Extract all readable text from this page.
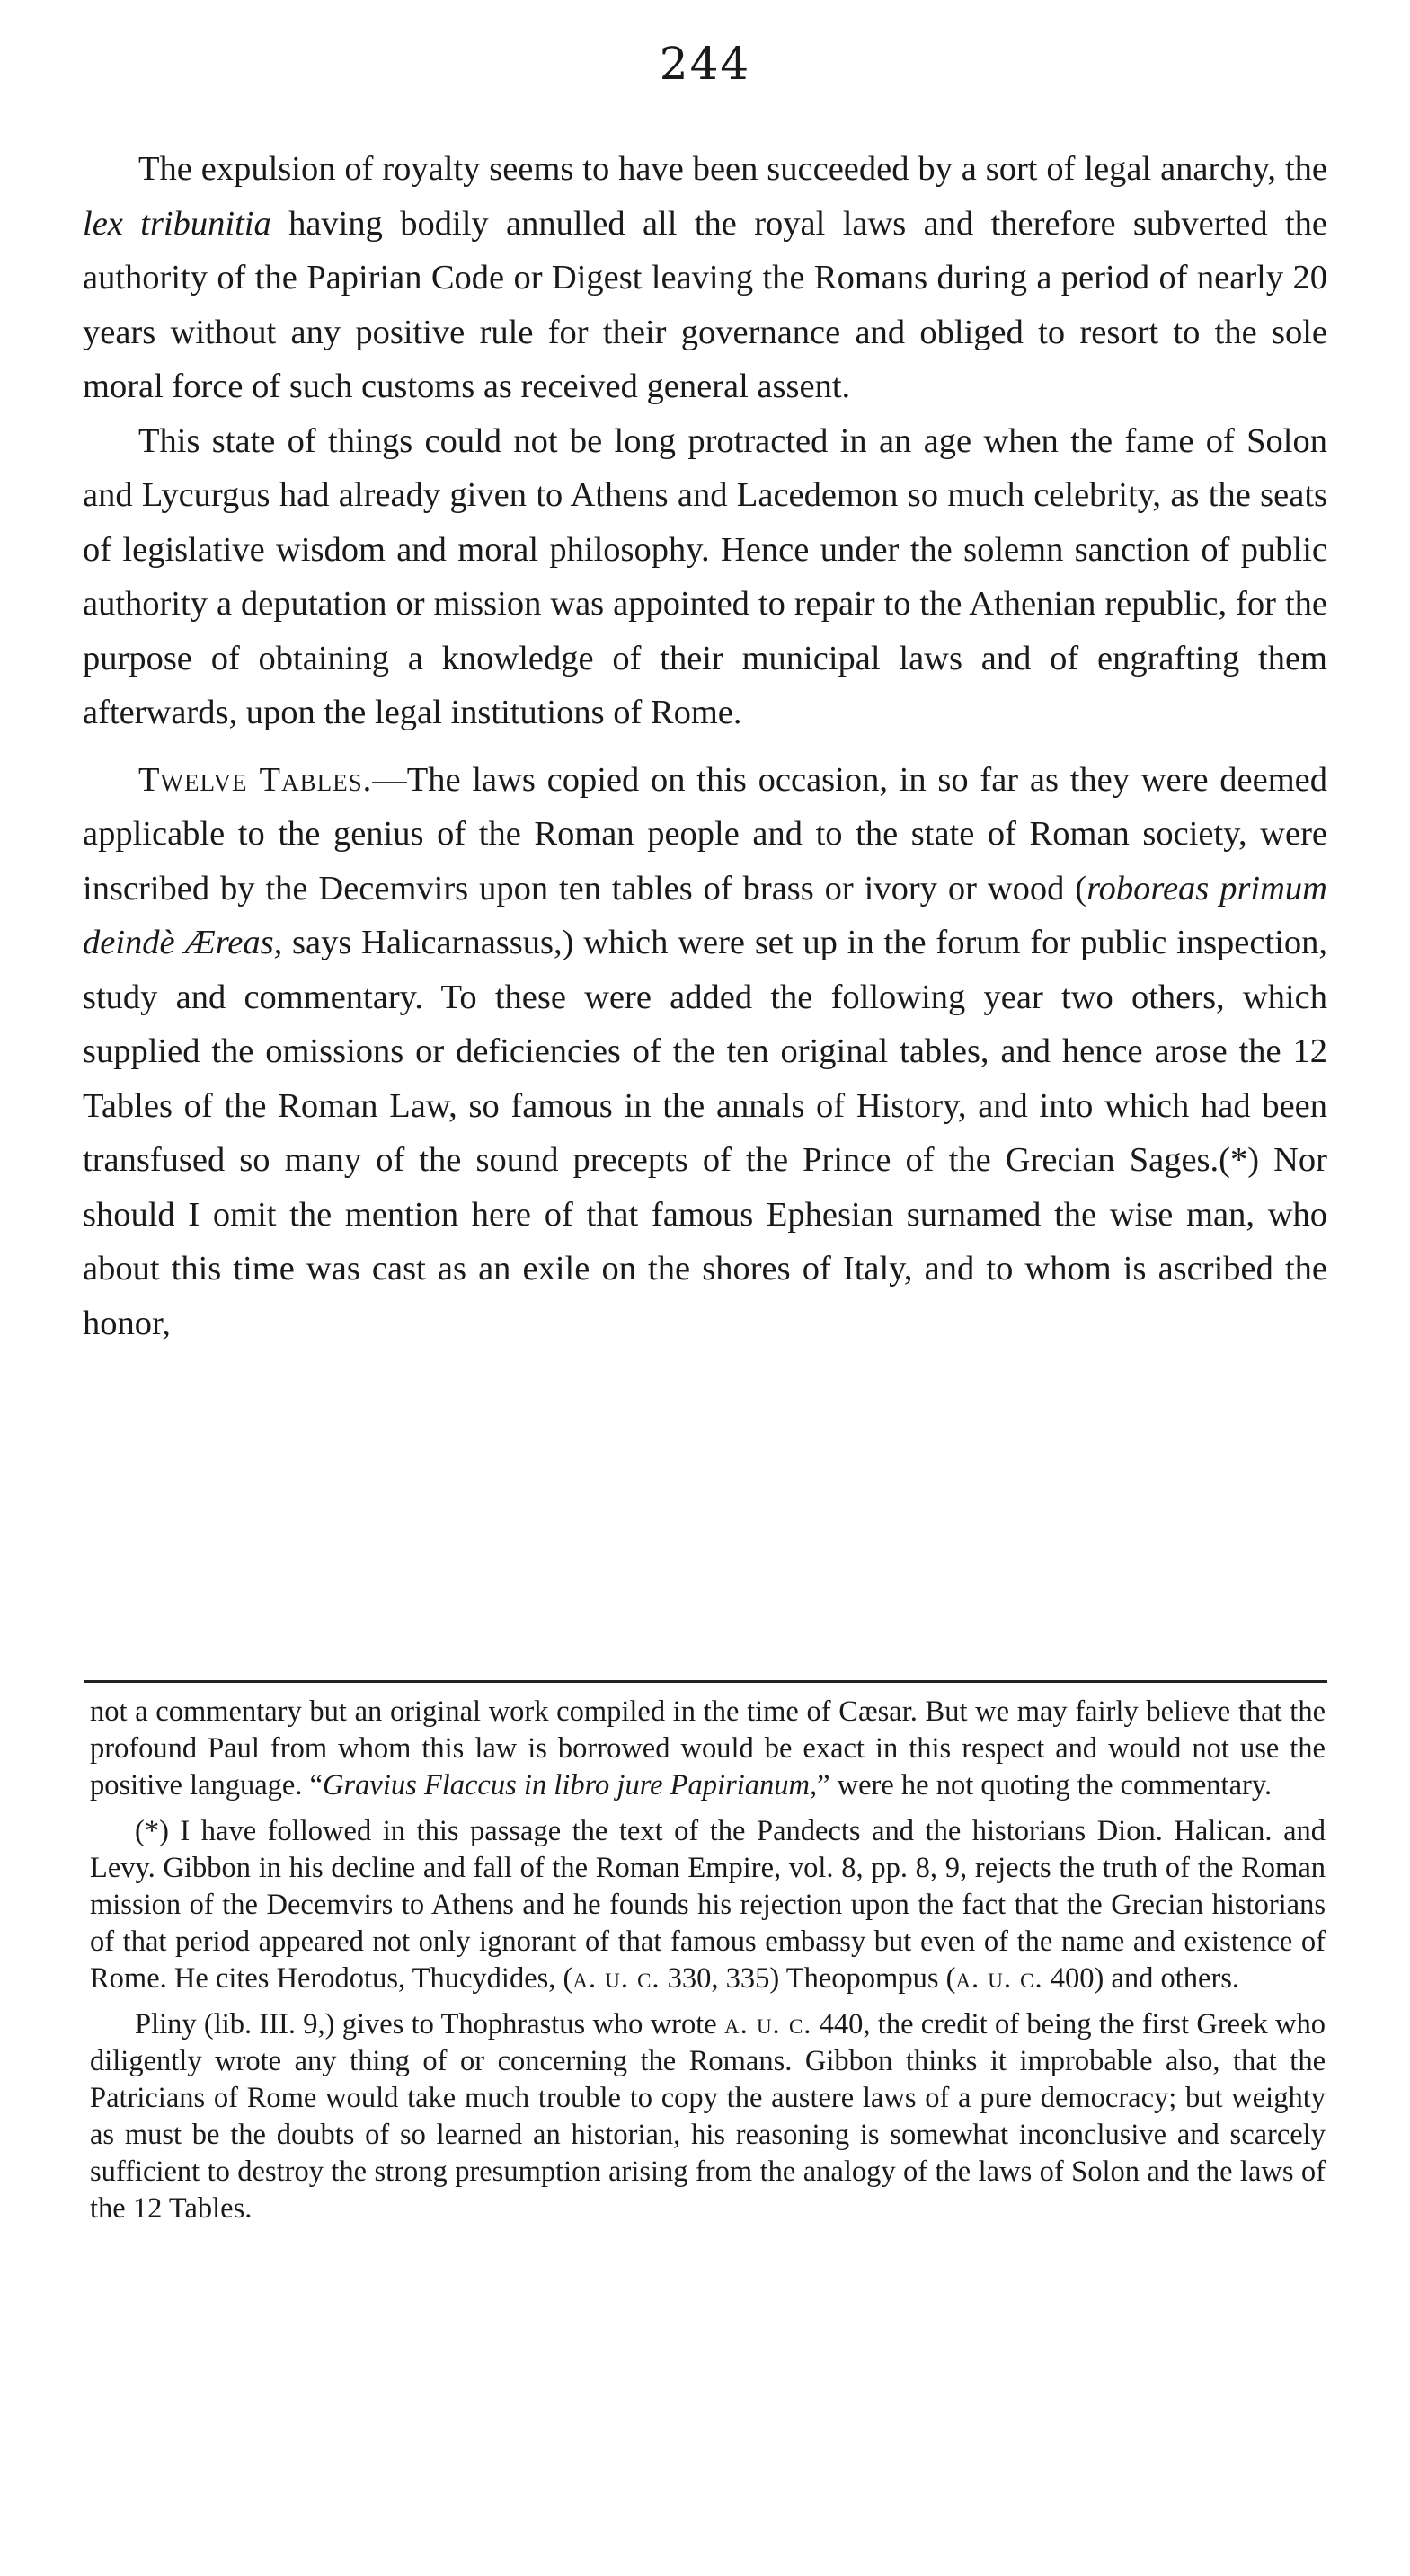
244

The expulsion of royalty seems to have been succeeded by a sort of legal anarchy, the lex tribunitia having bodily annulled all the royal laws and therefore subverted the authority of the Papirian Code or Digest leaving the Romans during a period of nearly 20 years without any positive rule for their governance and obliged to resort to the sole moral force of such customs as received general assent.

This state of things could not be long protracted in an age when the fame of Solon and Lycurgus had already given to Athens and Lacedemon so much celebrity, as the seats of legislative wisdom and moral philosophy. Hence under the solemn sanction of public authority a deputation or mission was appointed to repair to the Athenian republic, for the purpose of obtaining a knowledge of their municipal laws and of engrafting them afterwards, upon the legal institutions of Rome.

Twelve Tables.—The laws copied on this occasion, in so far as they were deemed applicable to the genius of the Roman people and to the state of Roman society, were inscribed by the Decemvirs upon ten tables of brass or ivory or wood (roboreas primum deindè Æreas, says Halicarnassus,) which were set up in the forum for public inspection, study and commentary. To these were added the following year two others, which supplied the omissions or deficiencies of the ten original tables, and hence arose the 12 Tables of the Roman Law, so famous in the annals of History, and into which had been transfused so many of the sound precepts of the Prince of the Grecian Sages.(*) Nor should I omit the mention here of that famous Ephesian surnamed the wise man, who about this time was cast as an exile on the shores of Italy, and to whom is ascribed the honor,

not a commentary but an original work compiled in the time of Cæsar. But we may fairly believe that the profound Paul from whom this law is borrowed would be exact in this respect and would not use the positive language. “Gravius Flaccus in libro jure Papirianum,” were he not quoting the commentary.

(*) I have followed in this passage the text of the Pandects and the historians Dion. Halican. and Levy. Gibbon in his decline and fall of the Roman Empire, vol. 8, pp. 8, 9, rejects the truth of the Roman mission of the Decemvirs to Athens and he founds his rejection upon the fact that the Grecian historians of that period appeared not only ignorant of that famous embassy but even of the name and existence of Rome. He cites Herodotus, Thucydides, (a. u. c. 330, 335) Theopompus (a. u. c. 400) and others.

Pliny (lib. III. 9,) gives to Thophrastus who wrote a. u. c. 440, the credit of being the first Greek who diligently wrote any thing of or concerning the Romans. Gibbon thinks it improbable also, that the Patricians of Rome would take much trouble to copy the austere laws of a pure democracy; but weighty as must be the doubts of so learned an historian, his reasoning is somewhat inconclusive and scarcely sufficient to destroy the strong presumption arising from the analogy of the laws of Solon and the laws of the 12 Tables.
